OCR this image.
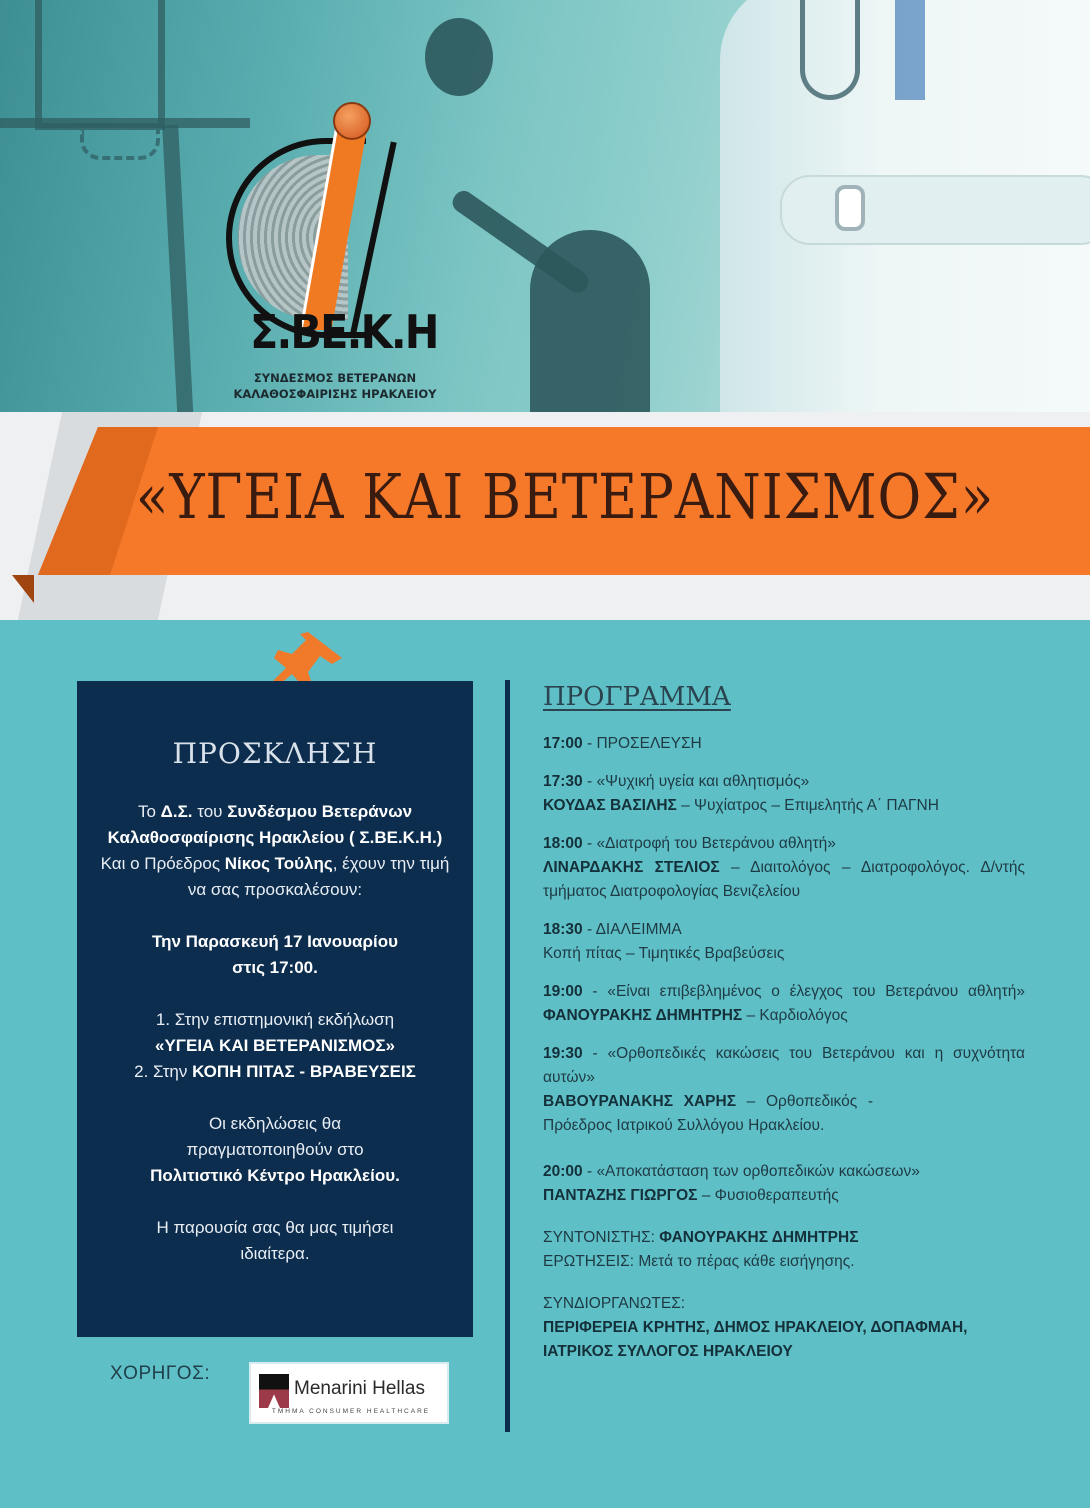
Σ.ΒΕ.Κ.Η
ΣΥΝΔΕΣΜΟΣ ΒΕΤΕΡΑΝΩΝ
ΚΑΛΑΘΟΣΦΑΙΡΙΣΗΣ ΗΡΑΚΛΕΙΟΥ
«ΥΓΕΙΑ ΚΑΙ ΒΕΤΕΡΑΝΙΣΜΟΣ»
ΠΡΟΣΚΛΗΣΗ
Το Δ.Σ. του Συνδέσμου Βετεράνων Καλαθοσφαίρισης Ηρακλείου ( Σ.ΒΕ.Κ.Η.) Και ο Πρόεδρος Νίκος Τούλης, έχουν την τιμή να σας προσκαλέσουν:
Την Παρασκευή 17 Ιανουαρίου
στις 17:00.
1. Στην επιστημονική εκδήλωση
«ΥΓΕΙΑ ΚΑΙ ΒΕΤΕΡΑΝΙΣΜΟΣ»
2. Στην ΚΟΠΗ ΠΙΤΑΣ - ΒΡΑΒΕΥΣΕΙΣ
Οι εκδηλώσεις θα πραγματοποιηθούν στο
Πολιτιστικό Κέντρο Ηρακλείου.
Η παρουσία σας θα μας τιμήσει ιδιαίτερα.
ΧΟΡΗΓΟΣ:
Menarini Hellas
ΤΜΗΜΑ CONSUMER HEALTHCARE
ΠΡΟΓΡΑΜΜΑ
17:00 - ΠΡΟΣΕΛΕΥΣΗ
17:30 - «Ψυχική υγεία και αθλητισμός»
ΚΟΥΔΑΣ ΒΑΣΙΛΗΣ – Ψυχίατρος – Επιμελητής Α΄ ΠΑΓΝΗ
18:00 - «Διατροφή του Βετεράνου αθλητή»
ΛΙΝΑΡΔΑΚΗΣ ΣΤΕΛΙΟΣ – Διαιτολόγος – Διατροφολόγος. Δ/ντής τμήματος Διατροφολογίας Βενιζελείου
18:30 - ΔΙΑΛΕΙΜΜΑ
Κοπή πίτας – Τιμητικές Βραβεύσεις
19:00 - «Είναι επιβεβλημένος ο έλεγχος του Βετεράνου αθλητή» ΦΑΝΟΥΡΑΚΗΣ ΔΗΜΗΤΡΗΣ – Καρδιολόγος
19:30 - «Ορθοπεδικές κακώσεις του Βετεράνου και η συχνότητα αυτών»
ΒΑΒΟΥΡΑΝΑΚΗΣ ΧΑΡΗΣ – Ορθοπεδικός - Πρόεδρος Ιατρικού Συλλόγου Ηρακλείου.
20:00 - «Αποκατάσταση των ορθοπεδικών κακώσεων»
ΠΑΝΤΑΖΗΣ ΓΙΩΡΓΟΣ – Φυσιοθεραπευτής
ΣΥΝΤΟΝΙΣΤΗΣ: ΦΑΝΟΥΡΑΚΗΣ ΔΗΜΗΤΡΗΣ
ΕΡΩΤΗΣΕΙΣ: Μετά το πέρας κάθε εισήγησης.
ΣΥΝΔΙΟΡΓΑΝΩΤΕΣ:
ΠΕΡΙΦΕΡΕΙΑ ΚΡΗΤΗΣ, ΔΗΜΟΣ ΗΡΑΚΛΕΙΟΥ, ΔΟΠΑΦΜΑΗ, ΙΑΤΡΙΚΟΣ ΣΥΛΛΟΓΟΣ ΗΡΑΚΛΕΙΟΥ
